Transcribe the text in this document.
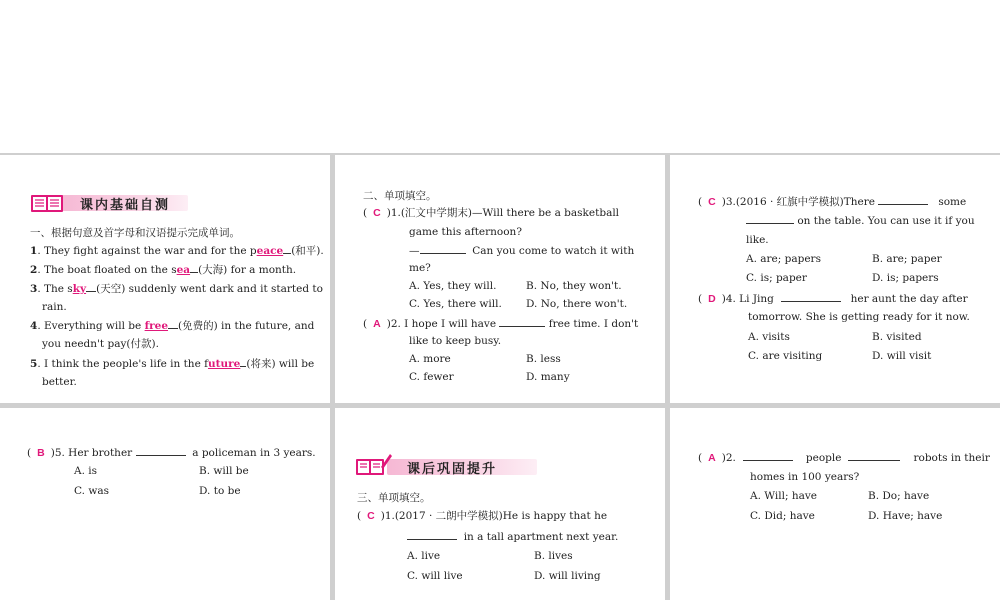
课内基础自测
一、根据句意及首字母和汉语提示完成单词。
1. They fight against the war and for the peace (和平).
2. The boat floated on the sea (大海) for a month.
3. The sky (天空) suddenly went dark and it started to
rain.
4. Everything will be free (免费的) in the future, and
you needn't pay(付款).
5. I think the people's life in the future (将来) will be
better.
二、单项填空。
( C )1.(汇文中学期末)—Will there be a basketball
game this afternoon?
—	Can you come to watch it with
me?
A. Yes, they will.	B. No, they won't.
C. Yes, there will. D. No, there won't.
( A )2. I hope I will have	free time. I don't
like to keep busy.
A. more	B. less
C. fewer	D. many
( C )3.(2016 · 红旗中学模拟)There	some
on the table. You can use it if you
like.
A. are; papers	B. are; paper
C. is; paper	D. is; papers
( D )4. Li Jing	her aunt the day after
tomorrow. She is getting ready for it now.
A. visits	B. visited
C. are visiting	D. will visit
( B )5. Her brother	a policeman in 3 years.
A. is	B. will be
C. was	D. to be
课后巩固提升
三、单项填空。
( C )1.(2017 · 二朗中学模拟)He is happy that he
in a tall apartment next year.
A. live	B. lives
C. will live	D. will living
( A )2.	people	robots in their
homes in 100 years?
A. Will; have	B. Do; have
C. Did; have	D. Have; have
